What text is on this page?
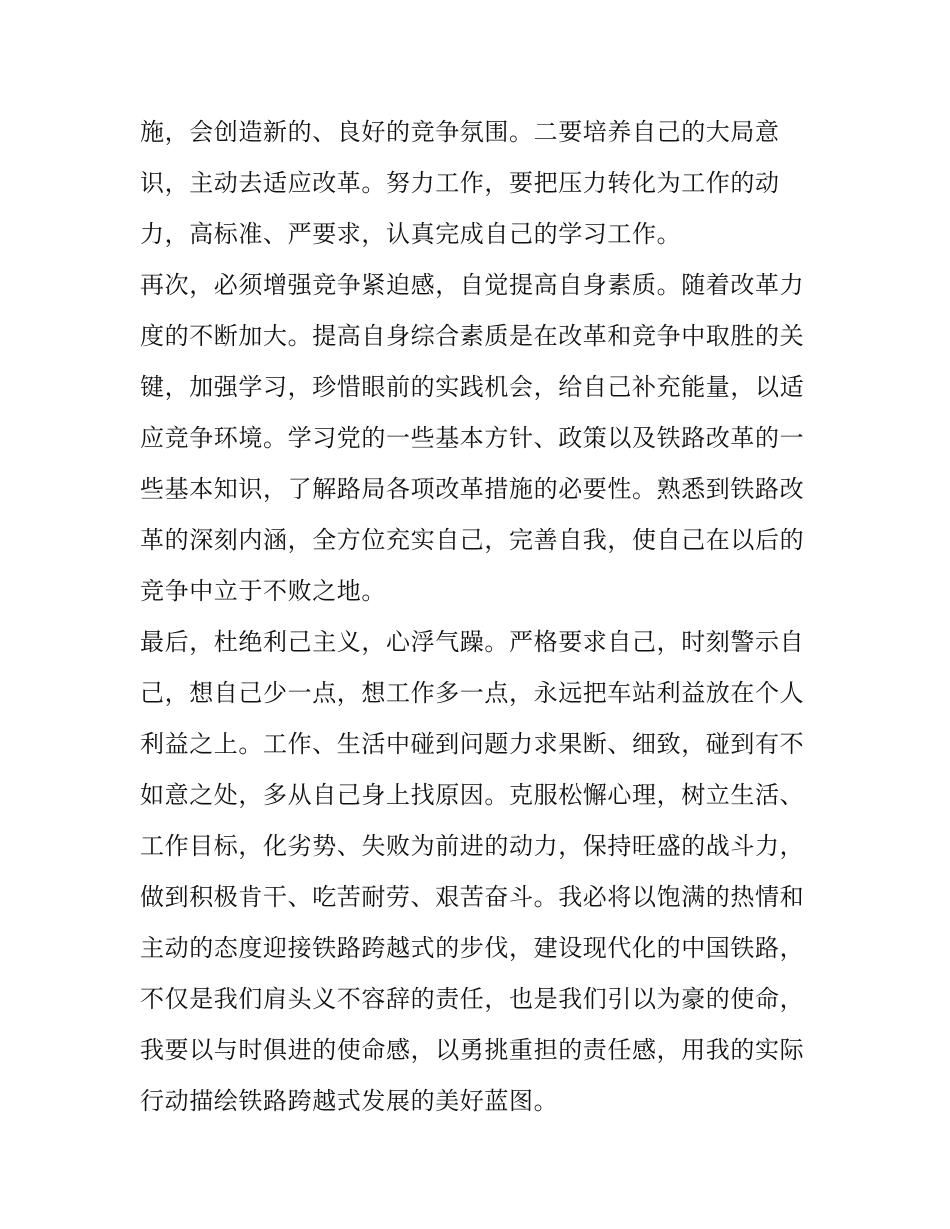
施，会创造新的、良好的竞争氛围。二要培养自己的大局意
识，主动去适应改革。努力工作，要把压力转化为工作的动
力，高标准、严要求，认真完成自己的学习工作。
再次，必须增强竞争紧迫感，自觉提高自身素质。随着改革力
度的不断加大。提高自身综合素质是在改革和竞争中取胜的关
键，加强学习，珍惜眼前的实践机会，给自己补充能量，以适
应竞争环境。学习党的一些基本方针、政策以及铁路改革的一
些基本知识，了解路局各项改革措施的必要性。熟悉到铁路改
革的深刻内涵，全方位充实自己，完善自我，使自己在以后的
竞争中立于不败之地。
最后，杜绝利己主义，心浮气躁。严格要求自己，时刻警示自
己，想自己少一点，想工作多一点，永远把车站利益放在个人
利益之上。工作、生活中碰到问题力求果断、细致，碰到有不
如意之处，多从自己身上找原因。克服松懈心理，树立生活、
工作目标，化劣势、失败为前进的动力，保持旺盛的战斗力，
做到积极肯干、吃苦耐劳、艰苦奋斗。我必将以饱满的热情和
主动的态度迎接铁路跨越式的步伐，建设现代化的中国铁路，
不仅是我们肩头义不容辞的责任，也是我们引以为豪的使命，
我要以与时俱进的使命感，以勇挑重担的责任感，用我的实际
行动描绘铁路跨越式发展的美好蓝图。
